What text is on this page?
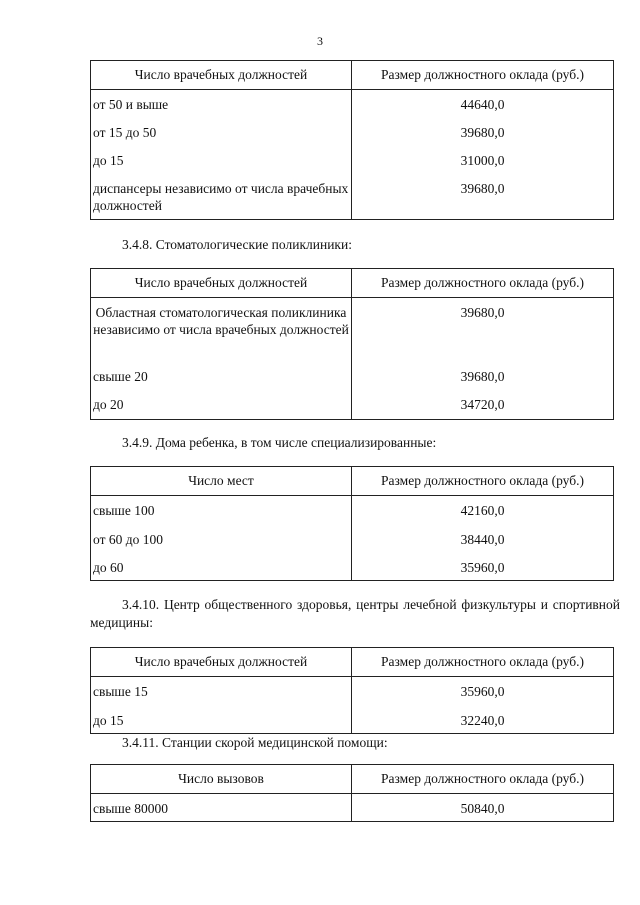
3
Число врачебных должностей	Размер должностного оклада (руб.)
от 50 и выше	44640,0
от 15 до 50	39680,0
до 15	31000,0
диспансеры независимо от числа врачебных должностей	39680,0
3.4.8. Стоматологические поликлиники:
Число врачебных должностей	Размер должностного оклада (руб.)
Областная стоматологическая поликлиника независимо от числа врачебных должностей	39680,0
свыше 20	39680,0
до 20	34720,0
3.4.9. Дома ребенка, в том числе специализированные:
Число мест	Размер должностного оклада (руб.)
свыше 100	42160,0
от 60 до 100	38440,0
до 60	35960,0
3.4.10. Центр общественного здоровья, центры лечебной физкультуры и спортивной медицины:
Число врачебных должностей	Размер должностного оклада (руб.)
свыше 15	35960,0
до 15	32240,0
3.4.11. Станции скорой медицинской помощи:
Число вызовов	Размер должностного оклада (руб.)
свыше 80000	50840,0
